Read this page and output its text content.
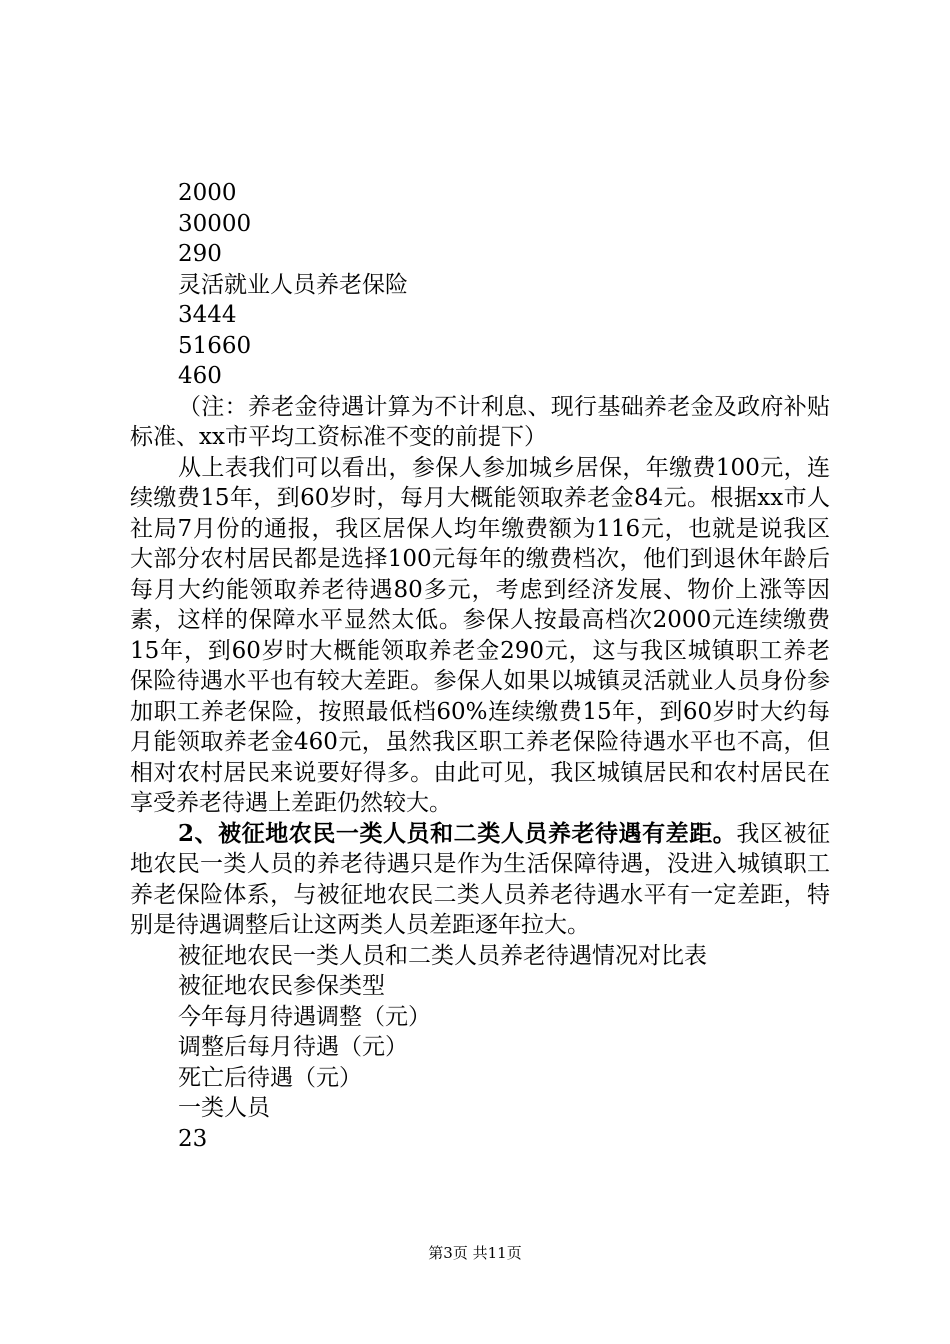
2000
30000
290
灵活就业人员养老保险
3444
51660
460

（注：养老金待遇计算为不计利息、现行基础养老金及政府补贴标准、xx市平均工资标准不变的前提下）

从上表我们可以看出，参保人参加城乡居保，年缴费100元，连续缴费15年，到60岁时，每月大概能领取养老金84元。根据xx市人社局7月份的通报，我区居保人均年缴费额为116元，也就是说我区大部分农村居民都是选择100元每年的缴费档次，他们到退休年龄后每月大约能领取养老待遇80多元，考虑到经济发展、物价上涨等因素，这样的保障水平显然太低。参保人按最高档次2000元连续缴费15年，到60岁时大概能领取养老金290元，这与我区城镇职工养老保险待遇水平也有较大差距。参保人如果以城镇灵活就业人员身份参加职工养老保险，按照最低档60%连续缴费15年，到60岁时大约每月能领取养老金460元，虽然我区职工养老保险待遇水平也不高，但相对农村居民来说要好得多。由此可见，我区城镇居民和农村居民在享受养老待遇上差距仍然较大。

2、被征地农民一类人员和二类人员养老待遇有差距。我区被征地农民一类人员的养老待遇只是作为生活保障待遇，没进入城镇职工养老保险体系，与被征地农民二类人员养老待遇水平有一定差距，特别是待遇调整后让这两类人员差距逐年拉大。

被征地农民一类人员和二类人员养老待遇情况对比表
被征地农民参保类型
今年每月待遇调整（元）
调整后每月待遇（元）
死亡后待遇（元）
一类人员
23
第3页 共11页
